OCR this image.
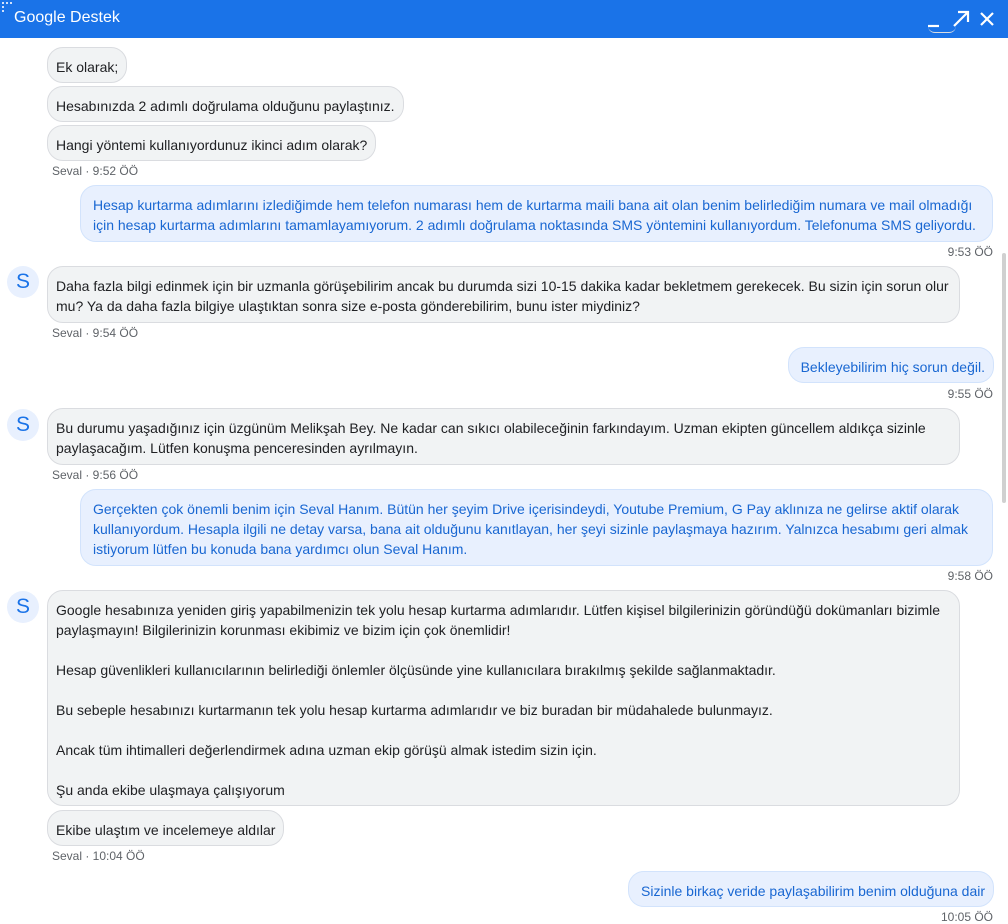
Google Destek
Ek olarak;
Hesabınızda 2 adımlı doğrulama olduğunu paylaştınız.
Hangi yöntemi kullanıyordunuz ikinci adım olarak?
Seval · 9:52 ÖÖ
Hesap kurtarma adımlarını izlediğimde hem telefon numarası hem de kurtarma maili bana ait olan benim belirlediğim numara ve mail olmadığı için hesap kurtarma adımlarını tamamlayamıyorum. 2 adımlı doğrulama noktasında SMS yöntemini kullanıyordum. Telefonuma SMS geliyordu.
9:53 ÖÖ
S	Daha fazla bilgi edinmek için bir uzmanla görüşebilirim ancak bu durumda sizi 10-15 dakika kadar bekletmem gerekecek. Bu sizin için sorun olur mu? Ya da daha fazla bilgiye ulaştıktan sonra size e-posta gönderebilirim, bunu ister miydiniz?
Seval · 9:54 ÖÖ
Bekleyebilirim hiç sorun değil.
9:55 ÖÖ
S	Bu durumu yaşadığınız için üzgünüm Melikşah Bey. Ne kadar can sıkıcı olabileceğinin farkındayım. Uzman ekipten güncellem aldıkça sizinle paylaşacağım. Lütfen konuşma penceresinden ayrılmayın.
Seval · 9:56 ÖÖ
Gerçekten çok önemli benim için Seval Hanım. Bütün her şeyim Drive içerisindeydi, Youtube Premium, G Pay aklınıza ne gelirse aktif olarak kullanıyordum. Hesapla ilgili ne detay varsa, bana ait olduğunu kanıtlayan, her şeyi sizinle paylaşmaya hazırım. Yalnızca hesabımı geri almak istiyorum lütfen bu konuda bana yardımcı olun Seval Hanım.
9:58 ÖÖ
S	Google hesabınıza yeniden giriş yapabilmenizin tek yolu hesap kurtarma adımlarıdır. Lütfen kişisel bilgilerinizin göründüğü dokümanları bizimle paylaşmayın! Bilgilerinizin korunması ekibimiz ve bizim için çok önemlidir!
Hesap güvenlikleri kullanıcılarının belirlediği önlemler ölçüsünde yine kullanıcılara bırakılmış şekilde sağlanmaktadır.
Bu sebeple hesabınızı kurtarmanın tek yolu hesap kurtarma adımlarıdır ve biz buradan bir müdahalede bulunmayız.
Ancak tüm ihtimalleri değerlendirmek adına uzman ekip görüşü almak istedim sizin için.
Şu anda ekibe ulaşmaya çalışıyorum
Ekibe ulaştım ve incelemeye aldılar
Seval · 10:04 ÖÖ
Sizinle birkaç veride paylaşabilirim benim olduğuna dair
10:05 ÖÖ
